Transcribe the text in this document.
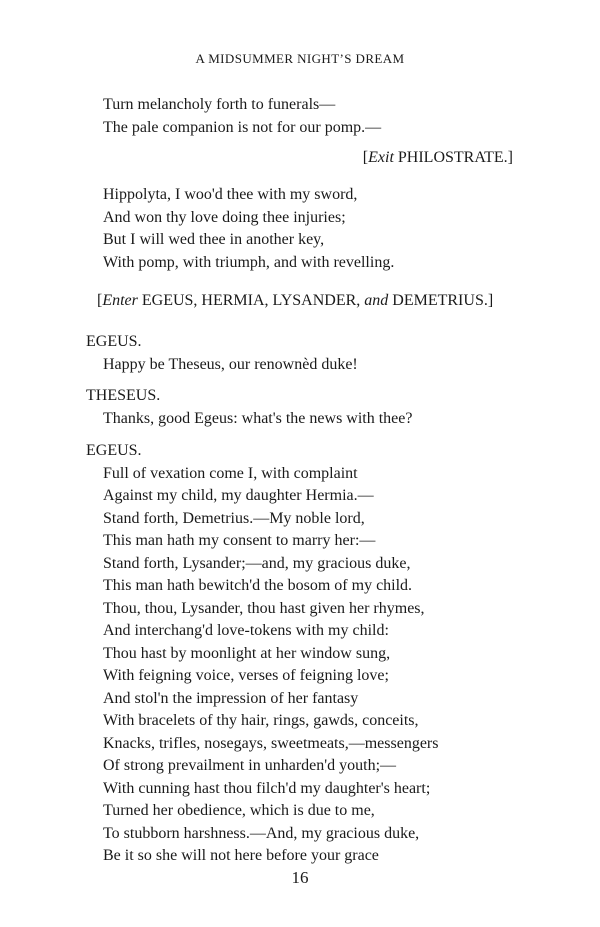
A MIDSUMMER NIGHT’S DREAM
Turn melancholy forth to funerals—
The pale companion is not for our pomp.—
[Exit PHILOSTRATE.]
Hippolyta, I woo'd thee with my sword,
And won thy love doing thee injuries;
But I will wed thee in another key,
With pomp, with triumph, and with revelling.
[Enter EGEUS, HERMIA, LYSANDER, and DEMETRIUS.]
EGEUS.
Happy be Theseus, our renownèd duke!
THESEUS.
Thanks, good Egeus: what's the news with thee?
EGEUS.
Full of vexation come I, with complaint
Against my child, my daughter Hermia.—
Stand forth, Demetrius.—My noble lord,
This man hath my consent to marry her:—
Stand forth, Lysander;—and, my gracious duke,
This man hath bewitch'd the bosom of my child.
Thou, thou, Lysander, thou hast given her rhymes,
And interchang'd love-tokens with my child:
Thou hast by moonlight at her window sung,
With feigning voice, verses of feigning love;
And stol'n the impression of her fantasy
With bracelets of thy hair, rings, gawds, conceits,
Knacks, trifles, nosegays, sweetmeats,—messengers
Of strong prevailment in unharden'd youth;—
With cunning hast thou filch'd my daughter's heart;
Turned her obedience, which is due to me,
To stubborn harshness.—And, my gracious duke,
Be it so she will not here before your grace
16
